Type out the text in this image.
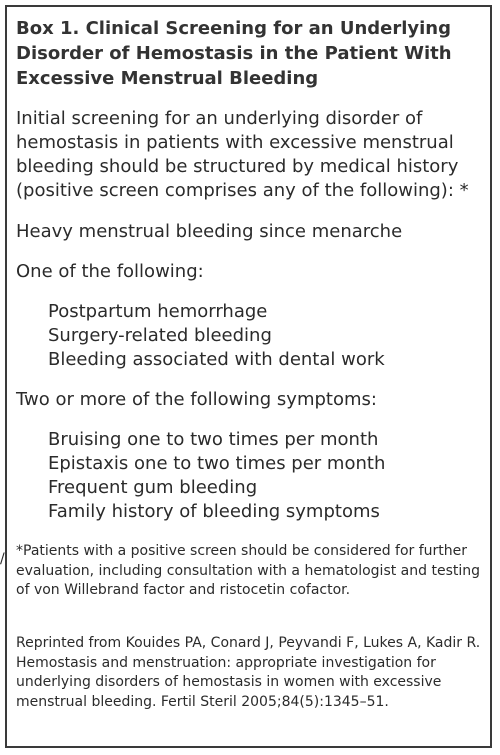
/
Box 1. Clinical Screening for an Underlying Disorder of Hemostasis in the Patient With Excessive Menstrual Bleeding
Initial screening for an underlying disorder of hemostasis in patients with excessive menstrual bleeding should be structured by medical history (positive screen comprises any of the following): *
Heavy menstrual bleeding since menarche
One of the following:
Postpartum hemorrhage
Surgery-related bleeding
Bleeding associated with dental work
Two or more of the following symptoms:
Bruising one to two times per month
Epistaxis one to two times per month
Frequent gum bleeding
Family history of bleeding symptoms
*Patients with a positive screen should be considered for further evaluation, including consultation with a hematologist and testing of von Willebrand factor and ristocetin cofactor.
Reprinted from Kouides PA, Conard J, Peyvandi F, Lukes A, Kadir R. Hemostasis and menstruation: appropriate investigation for underlying disorders of hemostasis in women with excessive menstrual bleeding. Fertil Steril 2005;84(5):1345–51.
